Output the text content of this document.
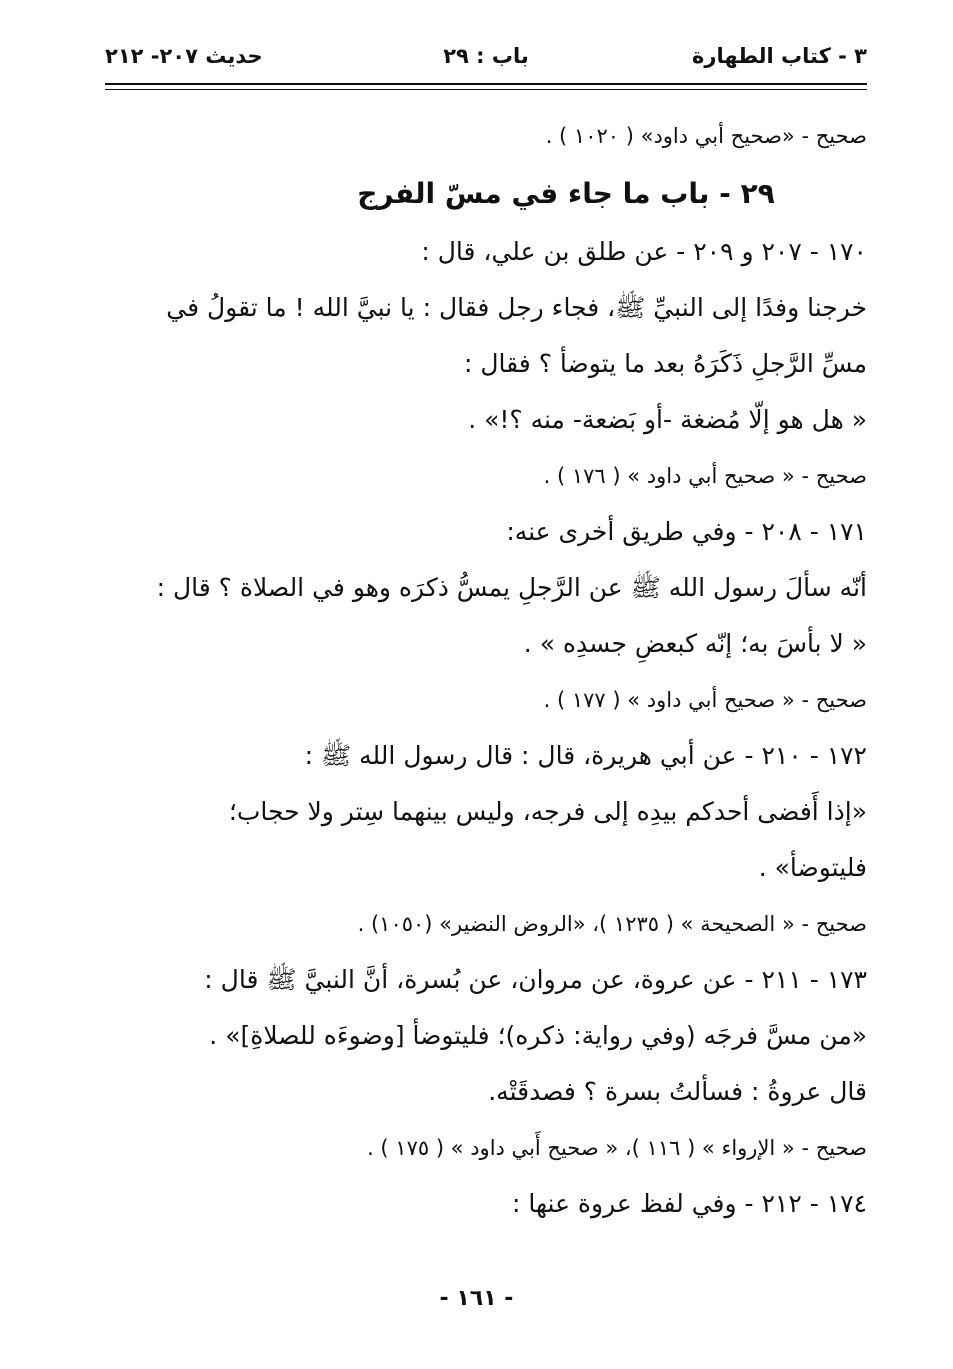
٣ - كتاب الطهارة
باب : ٢٩
حديث ٢٠٧- ٢١٢
صحيح - «صحيح أبي داود» ( ١٠٢٠ ) .
٢٩ - باب ما جاء في مسّ الفرج
١٧٠ - ٢٠٧ و ٢٠٩ - عن طلق بن علي، قال :
خرجنا وفدًا إلى النبيِّ ﷺ، فجاء رجل فقال : يا نبيَّ الله ! ما تقولُ في
مسِّ الرَّجلِ ذَكَرَهُ بعد ما يتوضأ ؟ فقال :
« هل هو إلّا مُضغة -أو بَضعة- منه ؟!» .
صحيح - « صحيح أبي داود » ( ١٧٦ ) .
١٧١ - ٢٠٨ - وفي طريق أخرى عنه:
أنّه سألَ رسول الله ﷺ عن الرَّجلِ يمسُّ ذكرَه وهو في الصلاة ؟ قال :
« لا بأسَ به؛ إنّه كبعضِ جسدِه » .
صحيح - « صحيح أبي داود » ( ١٧٧ ) .
١٧٢ - ٢١٠ - عن أبي هريرة، قال : قال رسول الله ﷺ :
«إذا أَفضى أحدكم بيدِه إلى فرجه، وليس بينهما سِتر ولا حجاب؛
فليتوضأ» .
صحيح - « الصحيحة » ( ١٢٣٥ )، «الروض النضير» (١٠٥٠) .
١٧٣ - ٢١١ - عن عروة، عن مروان، عن بُسرة، أنَّ النبيَّ ﷺ قال :
«من مسَّ فرجَه (وفي رواية: ذكره)؛ فليتوضأ [وضوءَه للصلاةِ]» .
قال عروةُ : فسألتُ بسرة ؟ فصدقَتْه.
صحيح - « الإرواء » ( ١١٦ )، « صحيح أَبي داود » ( ١٧٥ ) .
١٧٤ - ٢١٢ - وفي لفظ عروة عنها :
- ١٦١ -
